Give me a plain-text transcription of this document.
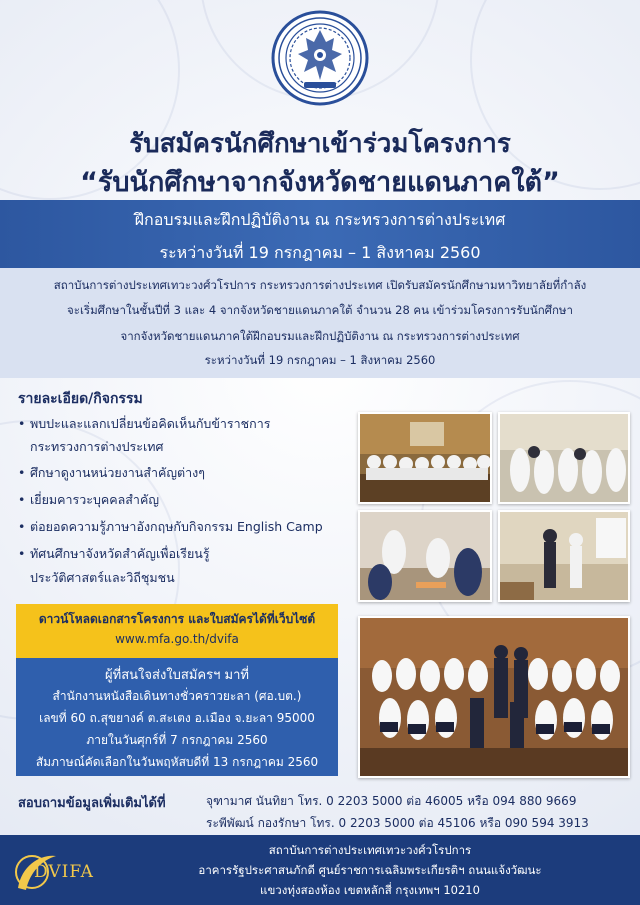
รับสมัครนักศึกษาเข้าร่วมโครงการ
“รับนักศึกษาจากจังหวัดชายแดนภาคใต้”
ฝึกอบรมและฝึกปฏิบัติงาน ณ กระทรวงการต่างประเทศ
ระหว่างวันที่ 19 กรกฎาคม – 1 สิงหาคม 2560
สถาบันการต่างประเทศเทวะวงศ์วโรปการ กระทรวงการต่างประเทศ เปิดรับสมัครนักศึกษามหาวิทยาลัยที่กำลัง
จะเริ่มศึกษาในชั้นปีที่ 3 และ 4 จากจังหวัดชายแดนภาคใต้ จำนวน 28 คน เข้าร่วมโครงการรับนักศึกษา
จากจังหวัดชายแดนภาคใต้ฝึกอบรมและฝึกปฏิบัติงาน ณ กระทรวงการต่างประเทศ
ระหว่างวันที่ 19 กรกฎาคม – 1 สิงหาคม 2560
รายละเอียด/กิจกรรม
• พบปะและแลกเปลี่ยนข้อคิดเห็นกับข้าราชการ
กระทรวงการต่างประเทศ
• ศึกษาดูงานหน่วยงานสำคัญต่างๆ
• เยี่ยมคารวะบุคคลสำคัญ
• ต่อยอดความรู้ภาษาอังกฤษกับกิจกรรม English Camp
• ทัศนศึกษาจังหวัดสำคัญเพื่อเรียนรู้
ประวัติศาสตร์และวิถีชุมชน
ดาวน์โหลดเอกสารโครงการ และใบสมัครได้ที่เว็บไซต์
www.mfa.go.th/dvifa
ผู้ที่สนใจส่งใบสมัครฯ มาที่
สำนักงานหนังสือเดินทางชั่วคราวยะลา (ศอ.บต.)
เลขที่ 60 ถ.สุขยางค์ ต.สะเตง อ.เมือง จ.ยะลา 95000
ภายในวันศุกร์ที่ 7 กรกฎาคม 2560
สัมภาษณ์คัดเลือกในวันพฤหัสบดีที่ 13 กรกฎาคม 2560
สอบถามข้อมูลเพิ่มเติมได้ที่	จุฑามาศ นันทิยา โทร. 0 2203 5000 ต่อ 46005 หรือ 094 880 9669
ระพีพัฒน์ กองรักษา โทร. 0 2203 5000 ต่อ 45106 หรือ 090 594 3913
DVIFA
สถาบันการต่างประเทศเทวะวงศ์วโรปการ
อาคารรัฐประศาสนภักดี ศูนย์ราชการเฉลิมพระเกียรติฯ ถนนแจ้งวัฒนะ
แขวงทุ่งสองห้อง เขตหลักสี่ กรุงเทพฯ 10210
